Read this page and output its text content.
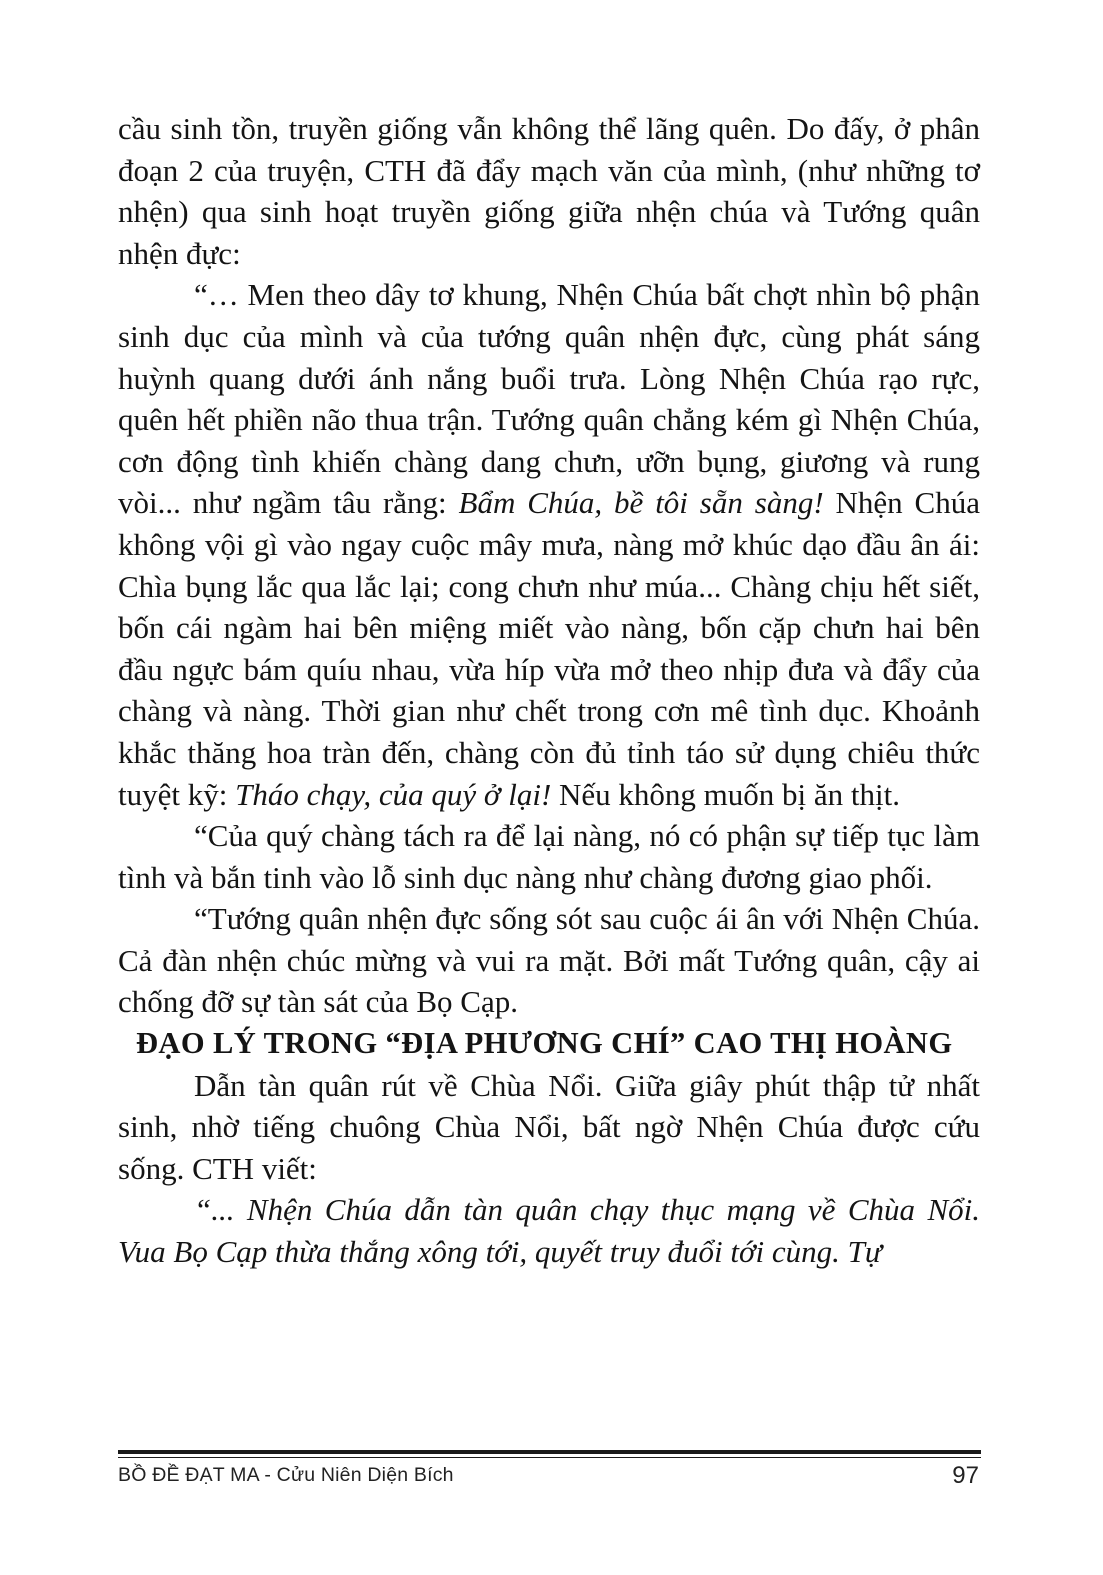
cầu sinh tồn, truyền giống vẫn không thể lãng quên. Do đấy, ở phân đoạn 2 của truyện, CTH đã đẩy mạch văn của mình, (như những tơ nhện) qua sinh hoạt truyền giống giữa nhện chúa và Tướng quân nhện đực:

“… Men theo dây tơ khung, Nhện Chúa bất chợt nhìn bộ phận sinh dục của mình và của tướng quân nhện đực, cùng phát sáng huỳnh quang dưới ánh nắng buổi trưa. Lòng Nhện Chúa rạo rực, quên hết phiền não thua trận. Tướng quân chẳng kém gì Nhện Chúa, cơn động tình khiến chàng dang chưn, ưỡn bụng, giương và rung vòi... như ngầm tâu rằng: Bẩm Chúa, bề tôi sẵn sàng! Nhện Chúa không vội gì vào ngay cuộc mây mưa, nàng mở khúc dạo đầu ân ái: Chìa bụng lắc qua lắc lại; cong chưn như múa... Chàng chịu hết siết, bốn cái ngàm hai bên miệng miết vào nàng, bốn cặp chưn hai bên đầu ngực bám quíu nhau, vừa híp vừa mở theo nhịp đưa và đẩy của chàng và nàng. Thời gian như chết trong cơn mê tình dục. Khoảnh khắc thăng hoa tràn đến, chàng còn đủ tỉnh táo sử dụng chiêu thức tuyệt kỹ: Tháo chạy, của quý ở lại! Nếu không muốn bị ăn thịt.

“Của quý chàng tách ra để lại nàng, nó có phận sự tiếp tục làm tình và bắn tinh vào lỗ sinh dục nàng như chàng đương giao phối.

“Tướng quân nhện đực sống sót sau cuộc ái ân với Nhện Chúa. Cả đàn nhện chúc mừng và vui ra mặt. Bởi mất Tướng quân, cậy ai chống đỡ sự tàn sát của Bọ Cạp.

ĐẠO LÝ TRONG “ĐỊA PHƯƠNG CHÍ” CAO THỊ HOÀNG

Dẫn tàn quân rút về Chùa Nổi. Giữa giây phút thập tử nhất sinh, nhờ tiếng chuông Chùa Nổi, bất ngờ Nhện Chúa được cứu sống. CTH viết:

“... Nhện Chúa dẫn tàn quân chạy thục mạng về Chùa Nổi. Vua Bọ Cạp thừa thắng xông tới, quyết truy đuổi tới cùng. Tự

BỒ ĐỀ ĐẠT MA - Cửu Niên Diện Bích	97
